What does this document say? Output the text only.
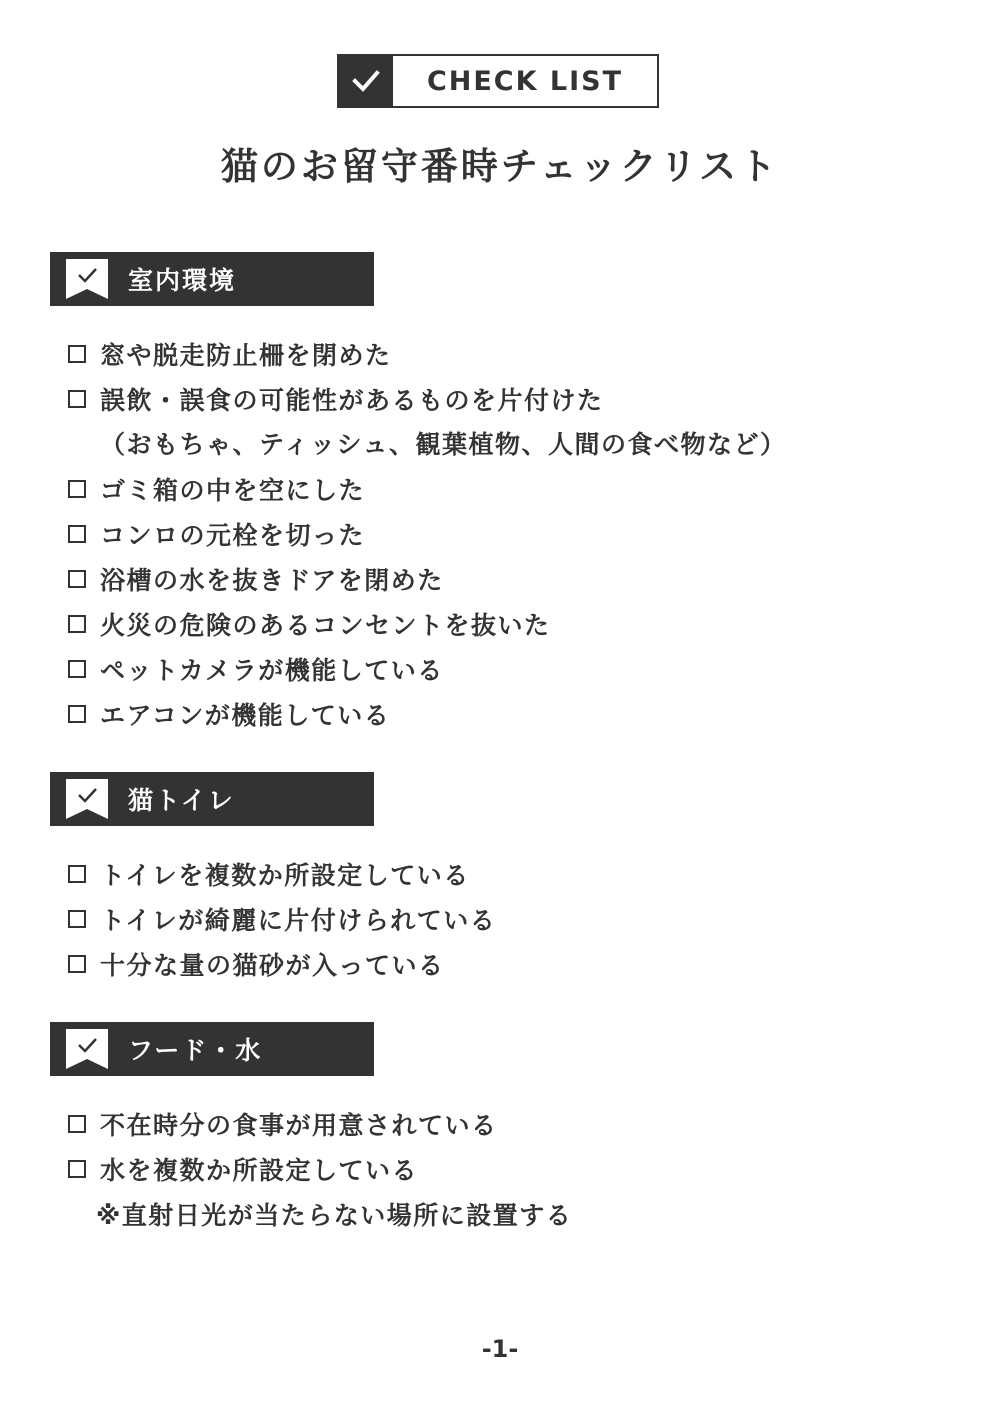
CHECK LIST
猫のお留守番時チェックリスト
室内環境
窓や脱走防止柵を閉めた
誤飲・誤食の可能性があるものを片付けた
（おもちゃ、ティッシュ、観葉植物、人間の食べ物など）
ゴミ箱の中を空にした
コンロの元栓を切った
浴槽の水を抜きドアを閉めた
火災の危険のあるコンセントを抜いた
ペットカメラが機能している
エアコンが機能している
猫トイレ
トイレを複数か所設定している
トイレが綺麗に片付けられている
十分な量の猫砂が入っている
フード・水
不在時分の食事が用意されている
水を複数か所設定している
※直射日光が当たらない場所に設置する
-1-
